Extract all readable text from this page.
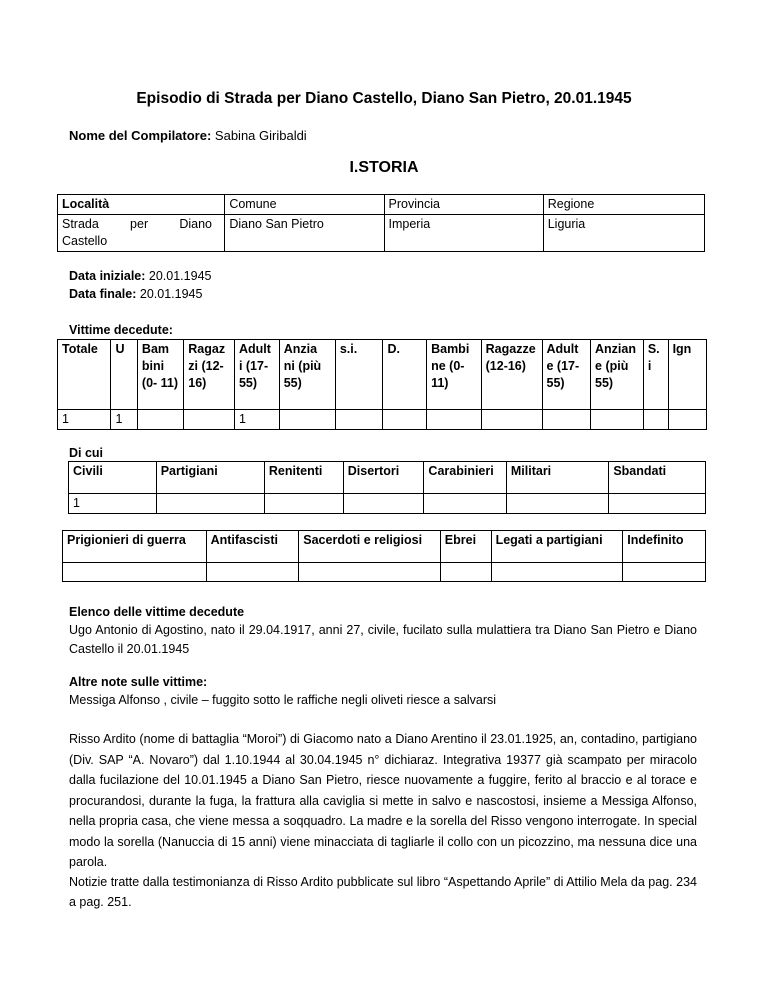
Episodio di Strada per Diano Castello, Diano San Pietro, 20.01.1945
Nome del Compilatore: Sabina Giribaldi
I.STORIA
Località	Comune	Provincia	Regione

Strada  per  Diano
Castello	Diano San Pietro	Imperia	Liguria
Data iniziale: 20.01.1945
Data finale: 20.01.1945
Vittime decedute:
Totale	U	Bam bini (0- 11)	Ragaz zi (12- 16)	Adult i (17- 55)	Anzia ni (più 55)	s.i.	D.	Bambi ne (0- 11)	Ragazze (12-16)	Adult e (17- 55)	Anzian e (più 55)	S. i	Ign
1	1			1									
Di cui
Civili	Partigiani	Renitenti	Disertori	Carabinieri	Militari	Sbandati
1						
Prigionieri di guerra	Antifascisti	Sacerdoti e religiosi	Ebrei	Legati a partigiani	Indefinito

Elenco delle vittime decedute
Ugo Antonio di Agostino, nato il 29.04.1917, anni 27, civile, fucilato sulla mulattiera tra Diano San Pietro e Diano Castello il 20.01.1945
Altre note sulle vittime:
Messiga Alfonso , civile – fuggito sotto le raffiche negli oliveti riesce a salvarsi
Risso Ardito (nome di battaglia “Moroi”) di Giacomo nato a Diano Arentino il 23.01.1925, an, contadino, partigiano (Div. SAP “A. Novaro”) dal 1.10.1944 al 30.04.1945 n° dichiaraz. Integrativa 19377 già scampato per miracolo dalla fucilazione del 10.01.1945 a Diano San Pietro, riesce nuovamente a fuggire, ferito al braccio e al torace e procurandosi, durante la fuga, la frattura alla caviglia si mette in salvo e nascostosi, insieme a Messiga Alfonso, nella propria casa, che viene messa a soqquadro. La madre e la sorella del Risso vengono interrogate. In special modo la sorella (Nanuccia di 15 anni) viene minacciata di tagliarle il collo con un picozzino, ma nessuna dice una parola.
Notizie tratte dalla testimonianza di Risso Ardito pubblicate sul libro “Aspettando Aprile” di Attilio Mela da pag. 234 a pag. 251.
